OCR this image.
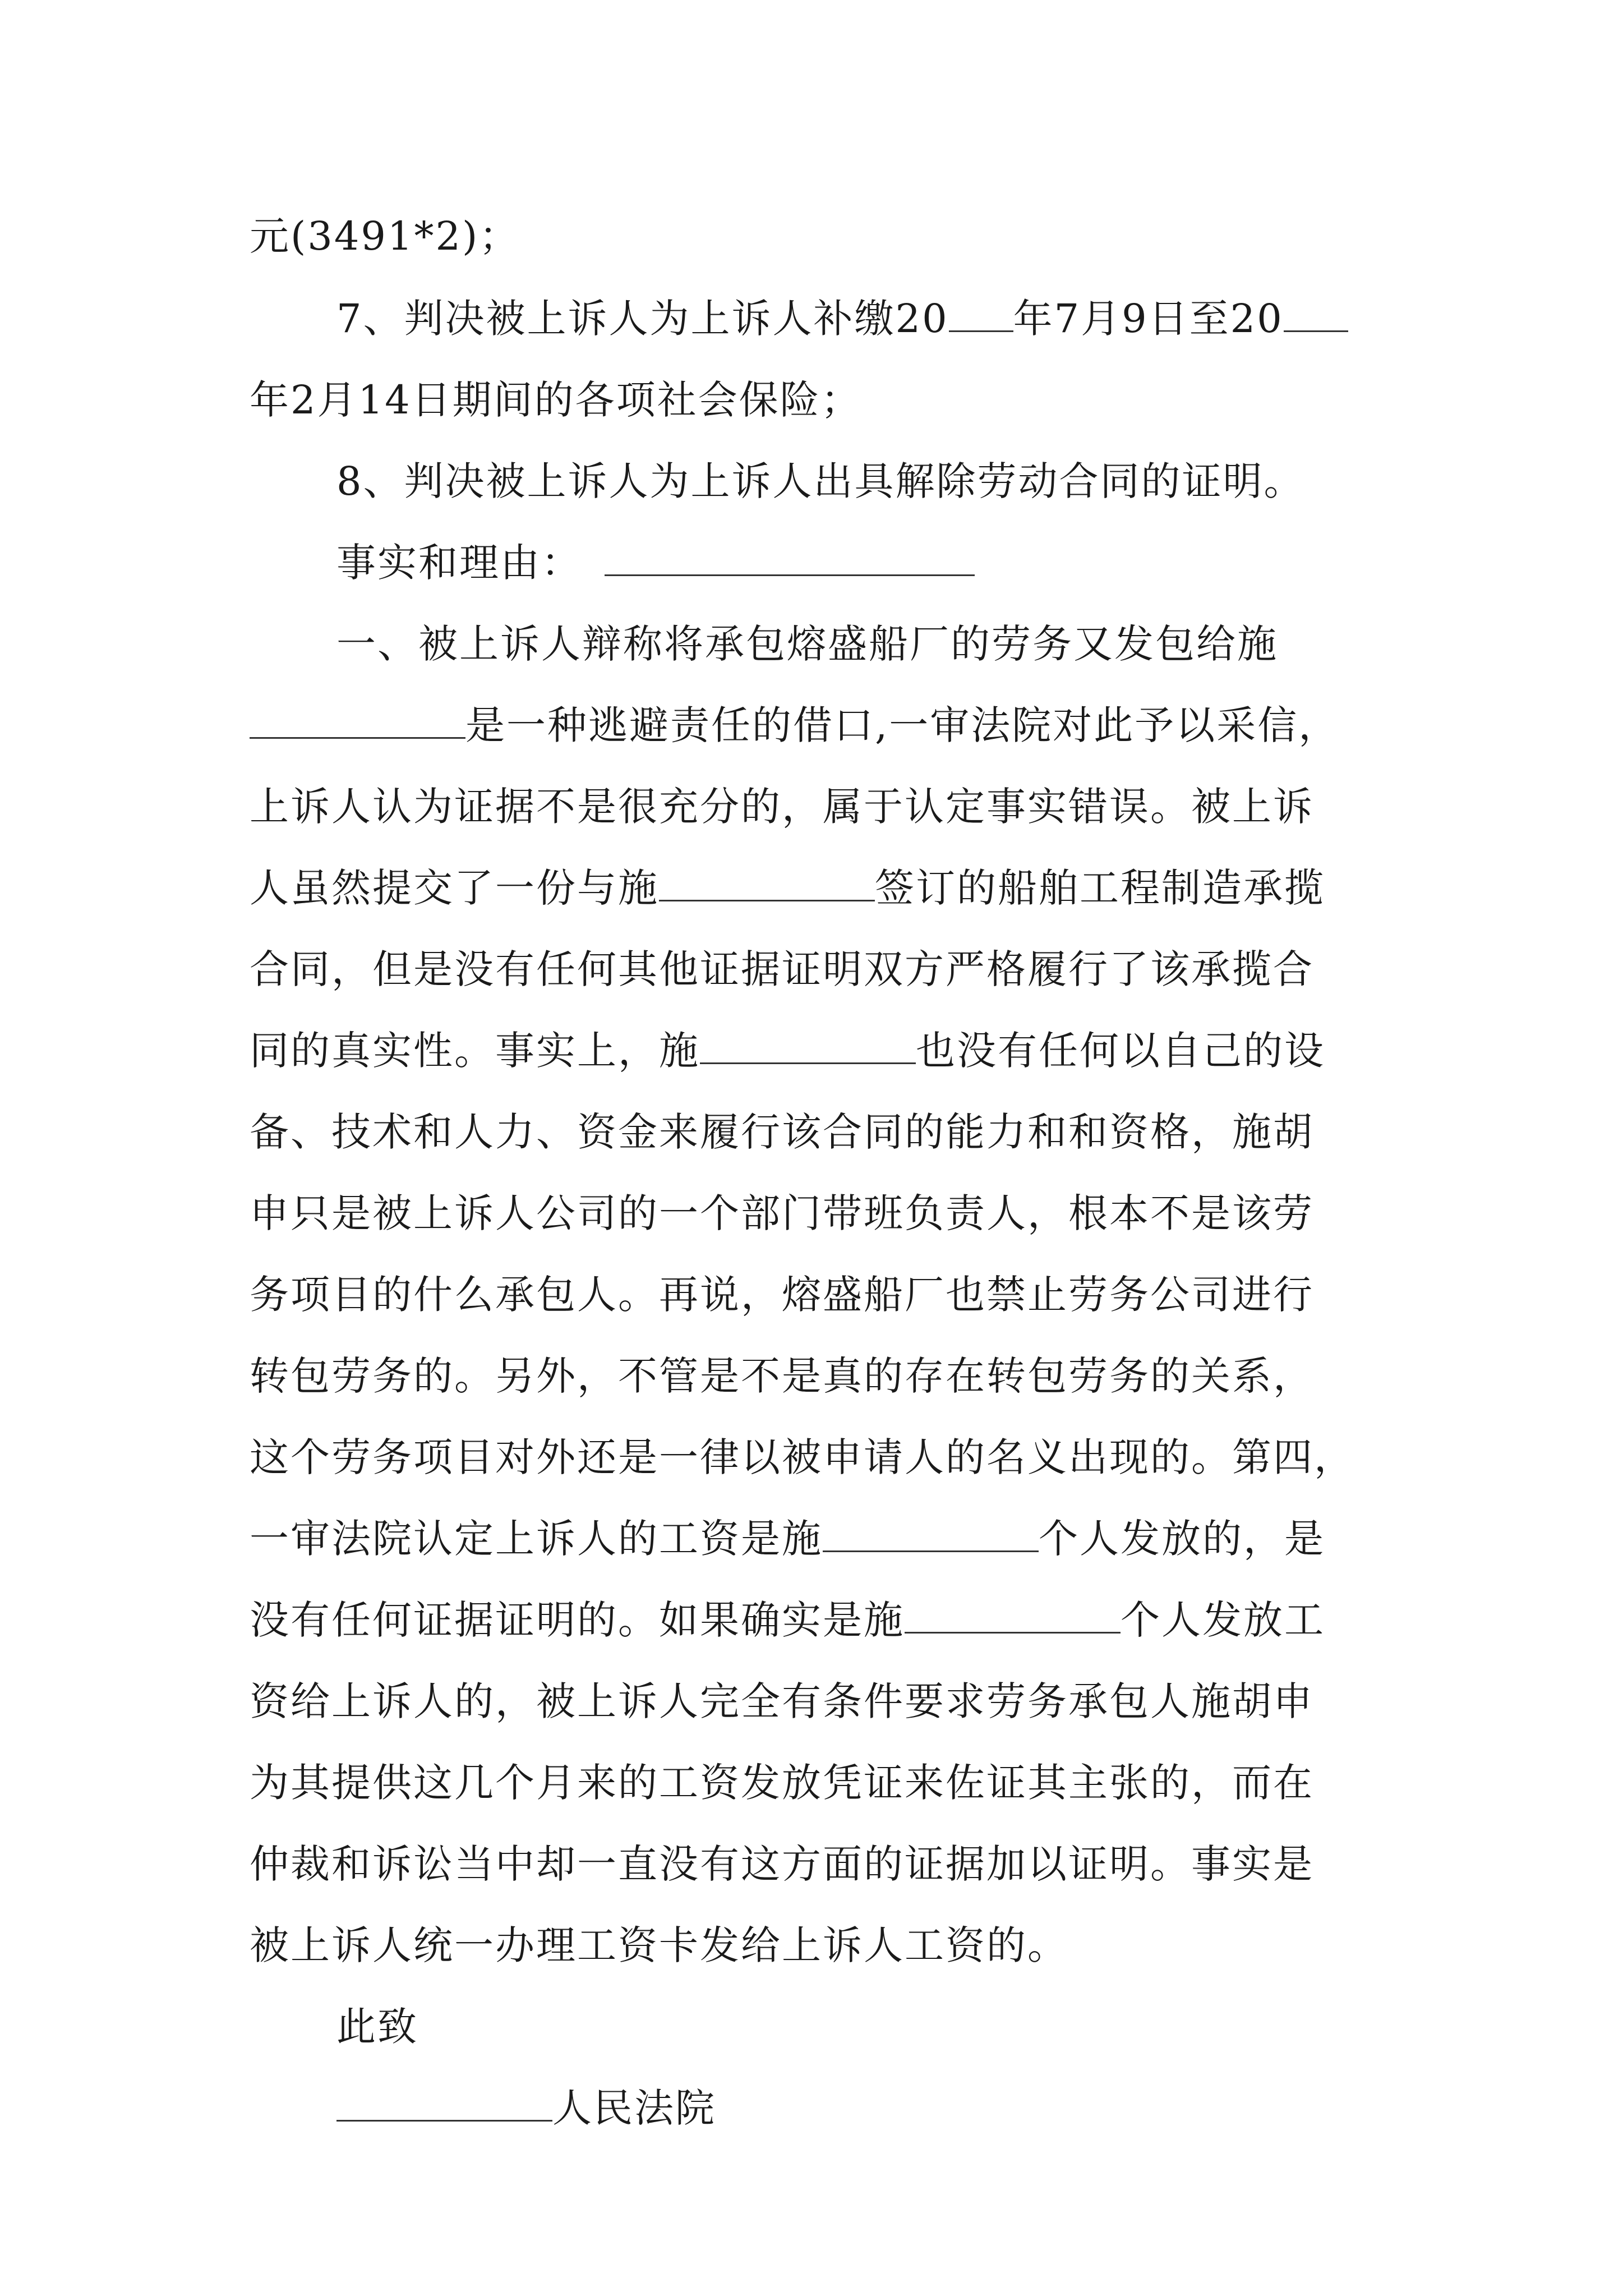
元(3491*2)；
7、判决被上诉人为上诉人补缴20 年7月9日至20
年2月14日期间的各项社会保险；
8、判决被上诉人为上诉人出具解除劳动合同的证明。
事实和理由：
一、被上诉人辩称将承包熔盛船厂的劳务又发包给施
是一种逃避责任的借口,一审法院对此予以采信，
上诉人认为证据不是很充分的，属于认定事实错误。被上诉
人虽然提交了一份与施	签订的船舶工程制造承揽
合同，但是没有任何其他证据证明双方严格履行了该承揽合
同的真实性。事实上，施	也没有任何以自己的设
备、技术和人力、资金来履行该合同的能力和和资格，施胡
申只是被上诉人公司的一个部门带班负责人，根本不是该劳
务项目的什么承包人。再说，熔盛船厂也禁止劳务公司进行
转包劳务的。另外，不管是不是真的存在转包劳务的关系，
这个劳务项目对外还是一律以被申请人的名义出现的。第四，
一审法院认定上诉人的工资是施	个人发放的，是
没有任何证据证明的。如果确实是施	个人发放工
资给上诉人的，被上诉人完全有条件要求劳务承包人施胡申
为其提供这几个月来的工资发放凭证来佐证其主张的，而在
仲裁和诉讼当中却一直没有这方面的证据加以证明。事实是
被上诉人统一办理工资卡发给上诉人工资的。
此致
人民法院
